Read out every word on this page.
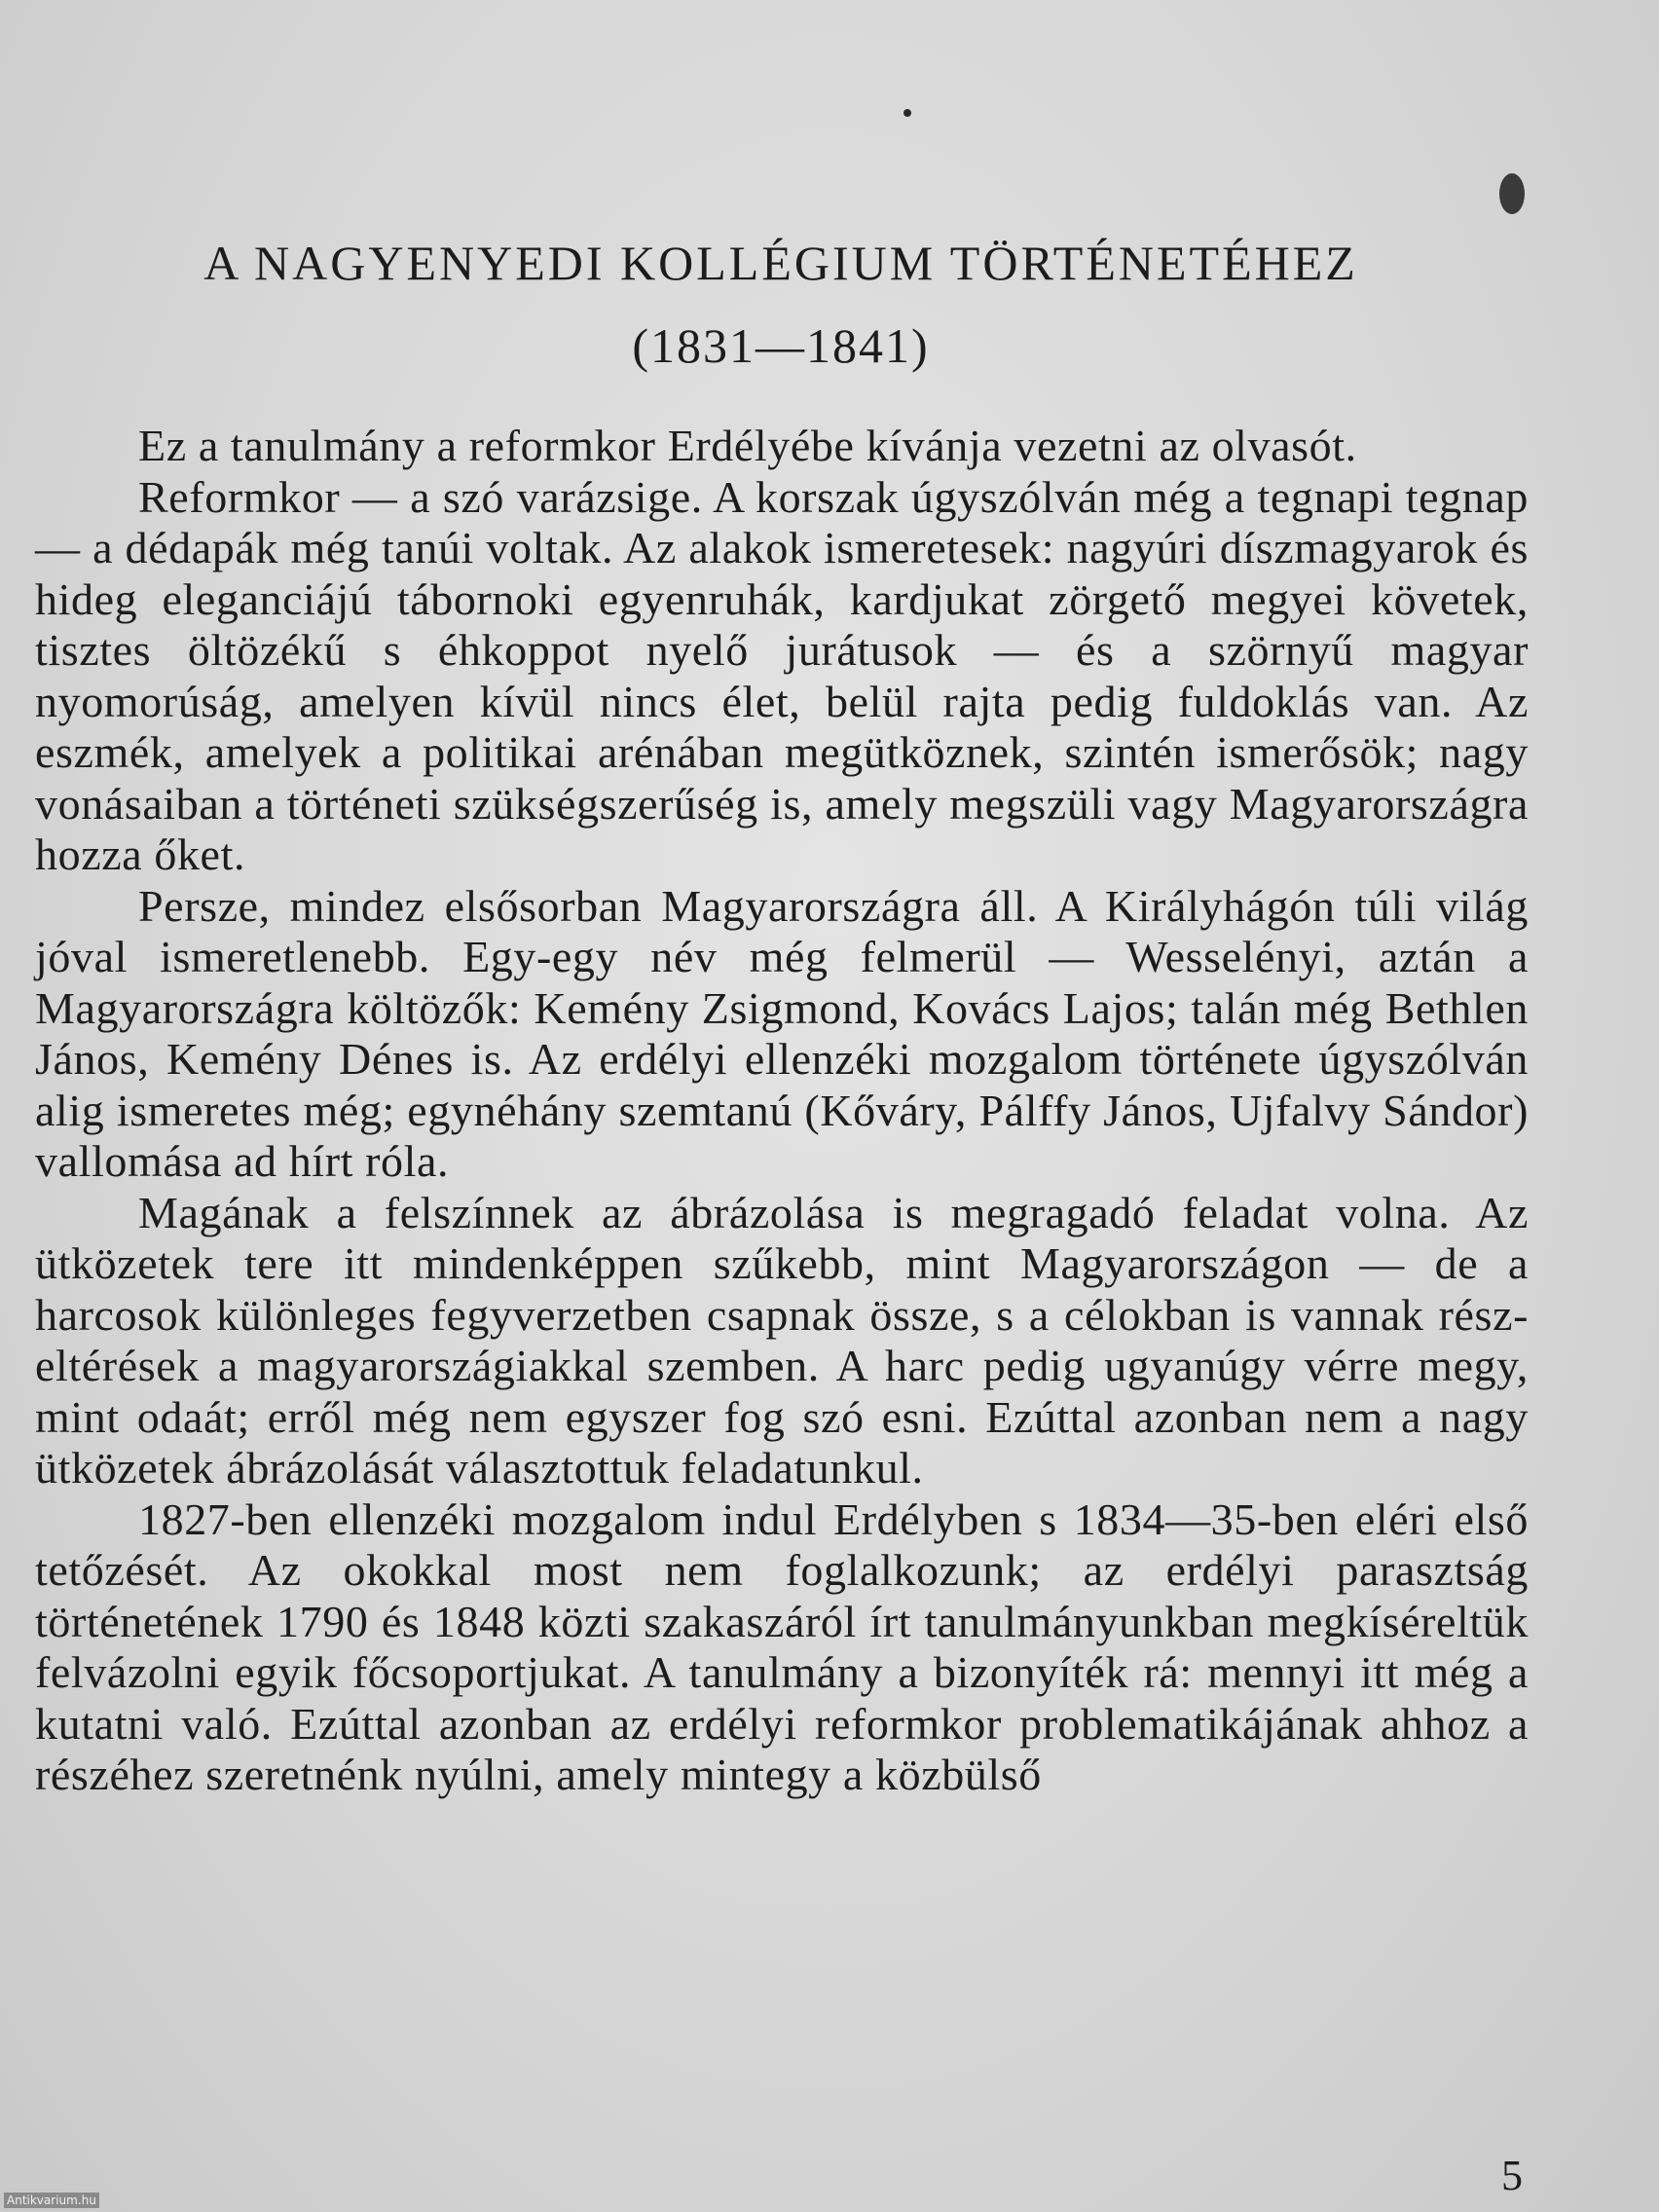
A NAGYENYEDI KOLLÉGIUM TÖRTÉNETÉHEZ
(1831—1841)

Ez a tanulmány a reformkor Erdélyébe kívánja vezetni az olvasót.

Reformkor — a szó varázsige. A korszak úgyszólván még a tegnapi tegnap — a dédapák még tanúi voltak. Az alakok ismeretesek: nagyúri díszmagyarok és hideg eleganciájú tábornoki egyenruhák, kardjukat zörgető megyei követek, tisztes öltözékű s éhkoppot nyelő jurátusok — és a szörnyű magyar nyomorúság, amelyen kívül nincs élet, belül rajta pedig fuldoklás van. Az eszmék, amelyek a politikai arénában megütköznek, szintén ismerősök; nagy vonásaiban a történeti szükségszerűség is, amely megszüli vagy Magyarországra hozza őket.

Persze, mindez elsősorban Magyarországra áll. A Királyhágón túli világ jóval ismeretlenebb. Egy-egy név még felmerül — Wesselényi, aztán a Magyarországra költözők: Kemény Zsigmond, Kovács Lajos; talán még Bethlen János, Kemény Dénes is. Az erdélyi ellenzéki mozgalom története úgyszólván alig ismeretes még; egynéhány szemtanú (Kőváry, Pálffy János, Ujfalvy Sándor) vallomása ad hírt róla.

Magának a felszínnek az ábrázolása is megragadó feladat volna. Az ütközetek tere itt mindenképpen szűkebb, mint Magyarországon — de a harcosok különleges fegyverzetben csapnak össze, s a célokban is vannak rész-eltérések a magyarországiakkal szemben. A harc pedig ugyanúgy vérre megy, mint odaát; erről még nem egyszer fog szó esni. Ezúttal azonban nem a nagy ütközetek ábrázolását választottuk feladatunkul.

1827-ben ellenzéki mozgalom indul Erdélyben s 1834—35-ben eléri első tetőzését. Az okokkal most nem foglalkozunk; az erdélyi parasztság történetének 1790 és 1848 közti szakaszáról írt tanulmányunkban megkíséreltük felvázolni egyik főcsoportjukat. A tanulmány a bizonyíték rá: mennyi itt még a kutatni való. Ezúttal azonban az erdélyi reformkor problematikájának ahhoz a részéhez szeretnénk nyúlni, amely mintegy a közbülső

5
Antikvarium.hu
